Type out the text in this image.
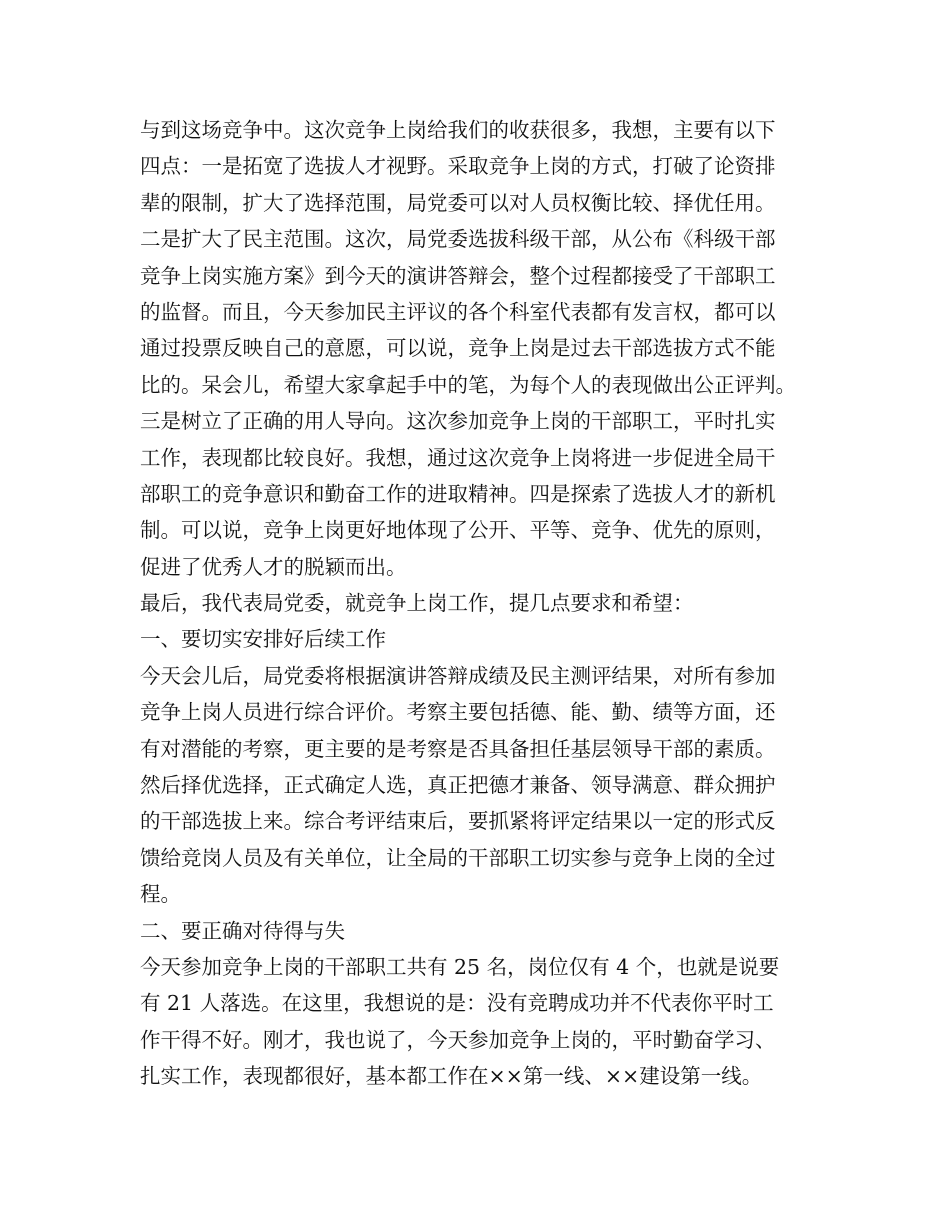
与到这场竞争中。这次竞争上岗给我们的收获很多，我想，主要有以下
四点：一是拓宽了选拔人才视野。采取竞争上岗的方式，打破了论资排
辈的限制，扩大了选择范围，局党委可以对人员权衡比较、择优任用。
二是扩大了民主范围。这次，局党委选拔科级干部，从公布《科级干部
竞争上岗实施方案》到今天的演讲答辩会，整个过程都接受了干部职工
的监督。而且，今天参加民主评议的各个科室代表都有发言权，都可以
通过投票反映自己的意愿，可以说，竞争上岗是过去干部选拔方式不能
比的。呆会儿，希望大家拿起手中的笔，为每个人的表现做出公正评判。
三是树立了正确的用人导向。这次参加竞争上岗的干部职工，平时扎实
工作，表现都比较良好。我想，通过这次竞争上岗将进一步促进全局干
部职工的竞争意识和勤奋工作的进取精神。四是探索了选拔人才的新机
制。可以说，竞争上岗更好地体现了公开、平等、竞争、优先的原则，
促进了优秀人才的脱颖而出。
最后，我代表局党委，就竞争上岗工作，提几点要求和希望：
一、要切实安排好后续工作
今天会儿后，局党委将根据演讲答辩成绩及民主测评结果，对所有参加
竞争上岗人员进行综合评价。考察主要包括德、能、勤、绩等方面，还
有对潜能的考察，更主要的是考察是否具备担任基层领导干部的素质。
然后择优选择，正式确定人选，真正把德才兼备、领导满意、群众拥护
的干部选拔上来。综合考评结束后，要抓紧将评定结果以一定的形式反
馈给竞岗人员及有关单位，让全局的干部职工切实参与竞争上岗的全过
程。
二、要正确对待得与失
今天参加竞争上岗的干部职工共有 25 名，岗位仅有 4 个，也就是说要
有 21 人落选。在这里，我想说的是：没有竞聘成功并不代表你平时工
作干得不好。刚才，我也说了，今天参加竞争上岗的，平时勤奋学习、
扎实工作，表现都很好，基本都工作在××第一线、××建设第一线。
